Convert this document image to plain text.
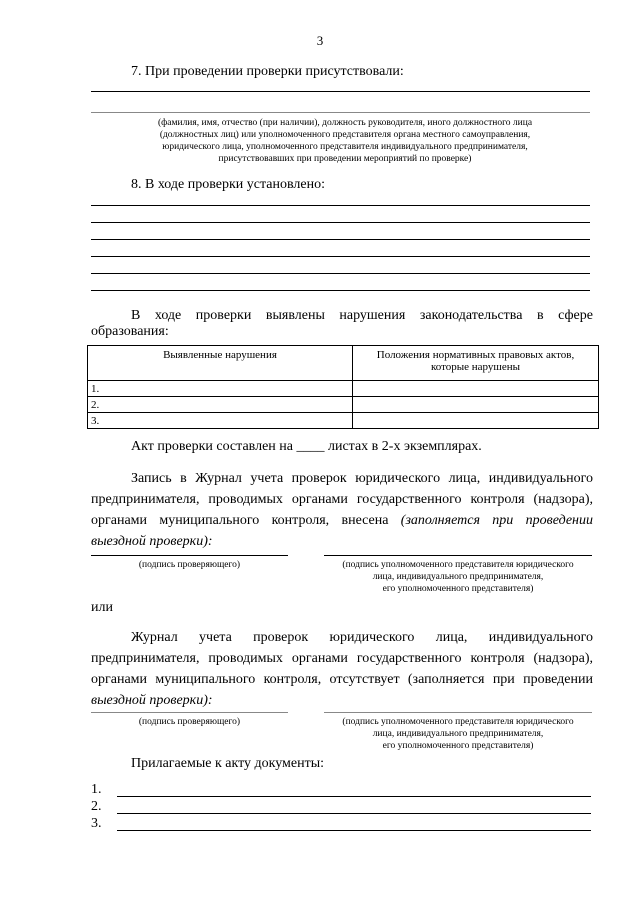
3
7. При проведении проверки присутствовали:
(фамилия, имя, отчество (при наличии), должность руководителя, иного должностного лица
(должностных лиц) или уполномоченного представителя органа местного самоуправления,
юридического лица, уполномоченного представителя индивидуального предпринимателя,
присутствовавших при проведении мероприятий по проверке)
8. В ходе проверки установлено:
В ходе проверки выявлены нарушения законодательства в сфере
образования:
Выявленные нарушения	Положения нормативных правовых актов,
которые нарушены

1.	
2.	
3.	
Акт проверки составлен на ____ листах в 2-х экземплярах.
Запись в Журнал учета проверок юридического лица, индивидуального предпринимателя, проводимых органами государственного контроля (надзора), органами муниципального контроля, внесена (заполняется при проведении выездной проверки):
(подпись проверяющего)	(подпись уполномоченного представителя юридического
лица, индивидуального предпринимателя,
его уполномоченного представителя)
или
Журнал учета проверок юридического лица, индивидуального предпринимателя, проводимых органами государственного контроля (надзора), органами муниципального контроля, отсутствует (заполняется при проведении выездной проверки):
(подпись проверяющего)	(подпись уполномоченного представителя юридического
лица, индивидуального предпринимателя,
его уполномоченного представителя)
Прилагаемые к акту документы:
1.
2.
3.
